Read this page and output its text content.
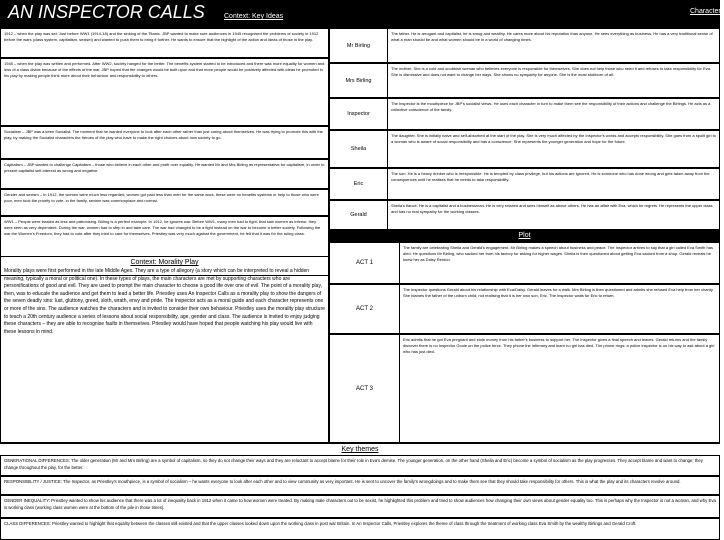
AN INSPECTOR CALLS	Context: Key Ideas
Characters
1912 – when the play was set. Just before WW1 (1914-18) and the sinking of the Titanic. JBP wanted to make sure audiences in 1945 recognised the problems of society in 1912 before the wars (class system, capitalism, sexism) and wanted to push them to bring it further. He wants to ensure that the highlight of the action and ideas of those in the play.
1945 – when the play was written and performed. After WW2, society hanged for the better. The benefits system started to be introduced and there was more equality for women and less of a class divide because of the effects of the war. JBP hoped that the changes would be built upon and that more people would be positively affected with ideas he promoted in his play by making people think more about their behaviour and responsibility to others.
Socialism – JBP was a keen Socialist. The moment that he wanted everyone to look after each other rather than just caring about themselves. He was trying to promote this with the play, by making the Socialist characters the heroes of the play who have to make the right choices about how society to go.
Capitalism – JBP wanted to challenge Capitalism – those who believe in each other and profit over equality. He wanted Mr and Mrs Birling as representative for capitalism, in order to present capitalist self-interest as wrong and negative.
Gender and sexism – In 1912, the women were much less regarded, women got paid less than men for the same work, these were no benefits systems or help to those who were poor, men took the priority to vote, in the family, sexism was commonplace and normal.
WW1 – People were treated as less and patronising. Birling is a perfect example. In 1912, he ignores war. Before WW1, many men had to fight, that saw women as inferior, they were seen as very dependent. During the war, women had to step in and take care. The war had changed to be a fight instead on the war to become a better society. Following the war the Women's Freedom, they had to vote after they tried to care for themselves. Priestley was very much against the government, he felt that it was for the ruling class.
Mr Birling
The father. He is arrogant and capitalist; he is smug and wealthy. He cares more about his reputation than anyone. He sees everything as business. He has a very traditional sense of what a man should be and what women should be in a world of changing times.
Mrs Birling
The mother. She is a cold and snobbish woman who believes everyone is responsible for themselves. She does not help those who need it and refuses to take responsibility for Eva. She is dismissive and does not want to change her ways. She shows no sympathy for anyone. She is the most stubborn of all.
Inspector
The Inspector is the mouthpiece for JBP's socialist views. He uses each character in turn to make them see the responsibility of their actions and challenge the Birlings. He acts as a collective conscience of the family.
Sheila
The daughter. She is initially naive and self-absorbed at the start of the play. She is very much affected by the Inspector's words and accepts responsibility. She goes from a spoilt girl to a woman who is aware of social responsibility and has a conscience. She represents the younger generation and hope for the future.
Eric
The son. He is a heavy drinker who is irresponsible. He is tempted by class privilege, but his actions are ignored. He is someone who has done wrong and gets taken away from the consequences until he realises that he needs to take responsibility.
Gerald
Sheila's fiancé. He is a capitalist and a businessman. He is very relaxed and sees himself as above others. He has an affair with Eva, which he regrets. He represents the upper class and has no real sympathy for the working classes.
Plot
ACT 1
The family are celebrating Sheila and Gerald's engagement. Mr Birling makes a speech about business and peace. The Inspector arrives to say that a girl called Eva Smith has died. He questions Mr Birling, who sacked her from his factory for asking for higher wages. Sheila is then questioned about getting Eva sacked from a shop. Gerald reveals he knew her as Daisy Renton.
ACT 2
The Inspector questions Gerald about his relationship with Eva/Daisy. Gerald leaves for a walk. Mrs Birling is then questioned and admits she refused Eva help from her charity. She blames the father of the unborn child, not realising that it is her own son, Eric. The Inspector waits for Eric to return.
ACT 3
Eric admits that he got Eva pregnant and stole money from his father's business to support her. The Inspector gives a final speech and leaves. Gerald returns and the family discover there is no Inspector Goole on the police force. They phone the infirmary and learn no girl has died. The phone rings: a police inspector is on his way to ask about a girl who has just died.
Context: Morality Play
Morality plays were first performed in the late Middle Ages. They are a type of allegory (a story which can be interpreted to reveal a hidden meaning, typically a moral or political one). In these types of plays, the main characters are met by supporting characters who are personifications of good and evil. They are used to prompt the main character to choose a good life over one of evil. The point of a morality play, then, was to educate the audience and get them to lead a better life. Priestley uses An Inspector Calls as a morality play to show the dangers of the seven deadly sins: lust, gluttony, greed, sloth, wrath, envy and pride. The Inspector acts as a moral guide and each character represents one or more of the sins. The audience watches the characters and is invited to consider their own behaviour. Priestley uses the morality play structure to teach a 20th century audience a series of lessons about social responsibility, age, gender and class. The audience is invited to enjoy judging these characters – they are able to recognise faults in themselves. Priestley would have hoped that people watching his play would live with these lessons in mind.
Key themes
GENERATIONAL DIFFERENCES: The older generation (Mr and Mrs Birling) are a symbol of capitalism, so they do not change their ways and they are reluctant to accept blame for their role in Eva's demise. The younger generation, on the other hand (Sheila and Eric) become a symbol of socialism as the play progresses. They accept blame and want to change; they change throughout the play, for the better.
RESPONSIBILITY / JUSTICE: The Inspector, as Priestley's mouthpiece, is a symbol of socialism – he wants everyone to look after each other and to view community as very important. He is sent to uncover the family's wrongdoings and to make them see that they should take responsibility for others. This is what the play and its characters revolve around.
GENDER INEQUALITY: Priestley wanted to show his audience that there was a lot of inequality back in 1912 when it came to how women were treated. By making male characters out to be sexist, he highlighted this problem and tried to show audiences how changing their own views about gender equality too. This is perhaps why the Inspector is not a woman, and why Eva is working class (working class women were at the bottom of the pile in those times).
CLASS DIFFERENCES: Priestley wanted to highlight that equality between the classes still existed and that the upper classes looked down upon the working class in post war Britain. In An Inspector Calls, Priestley explores the theme of class through the treatment of working class Eva Smith by the wealthy Birlings and Gerald Croft.
